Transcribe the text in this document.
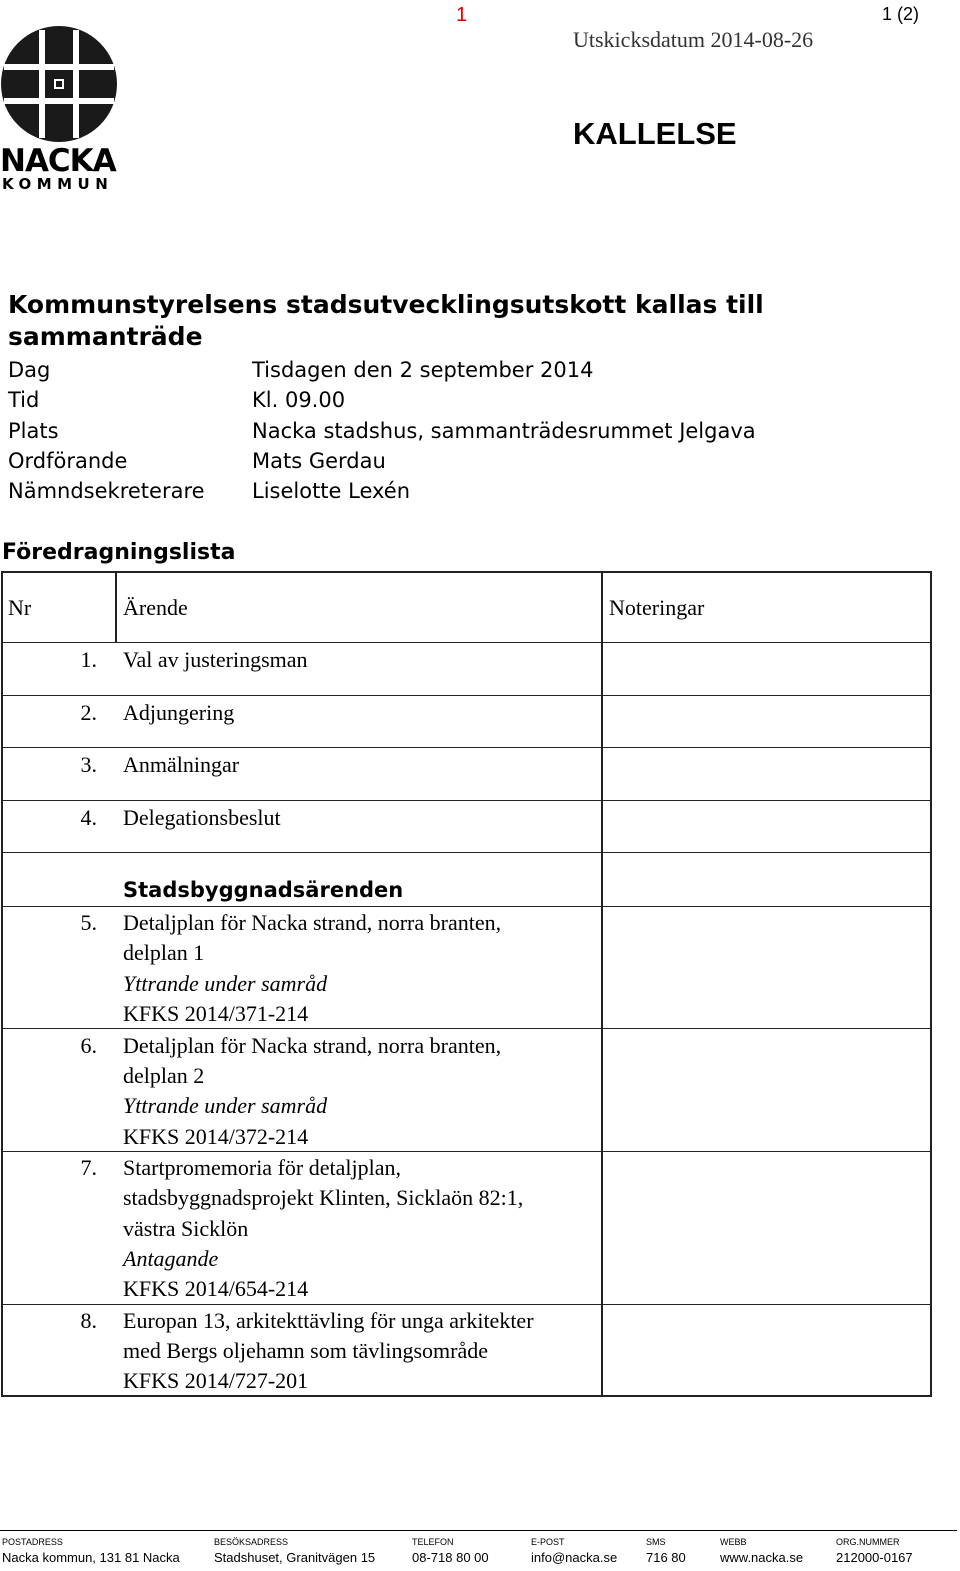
NACKA
KOMMUN
1	1 (2)
Utskicksdatum 2014-08-26
KALLELSE
Kommunstyrelsens stadsutvecklingsutskott kallas till sammanträde
Dag	Tisdagen den 2 september 2014
Tid	Kl. 09.00
Plats	Nacka stadshus, sammanträdesrummet Jelgava
Ordförande	Mats Gerdau
Nämndsekreterare Liselotte Lexén
Föredragningslista
Nr	Ärende	Noteringar
1. Val av justeringsman
2. Adjungering
3. Anmälningar
4. Delegationsbeslut
Stadsbyggnadsärenden
5. Detaljplan för Nacka strand, norra branten,
delplan 1
Yttrande under samråd
KFKS 2014/371-214
6. Detaljplan för Nacka strand, norra branten,
delplan 2
Yttrande under samråd
KFKS 2014/372-214
7. Startpromemoria för detaljplan,
stadsbyggnadsprojekt Klinten, Sicklaön 82:1,
västra Sicklön
Antagande
KFKS 2014/654-214
8. Europan 13, arkitekttävling för unga arkitekter
med Bergs oljehamn som tävlingsområde
KFKS 2014/727-201
POSTADRESS
Nacka kommun, 131 81 Nacka
BESÖKSADRESS
Stadshuset, Granitvägen 15
TELEFON
08-718 80 00
E-POST
info@nacka.se
SMS
716 80
WEBB
www.nacka.se
ORG.NUMMER
212000-0167
